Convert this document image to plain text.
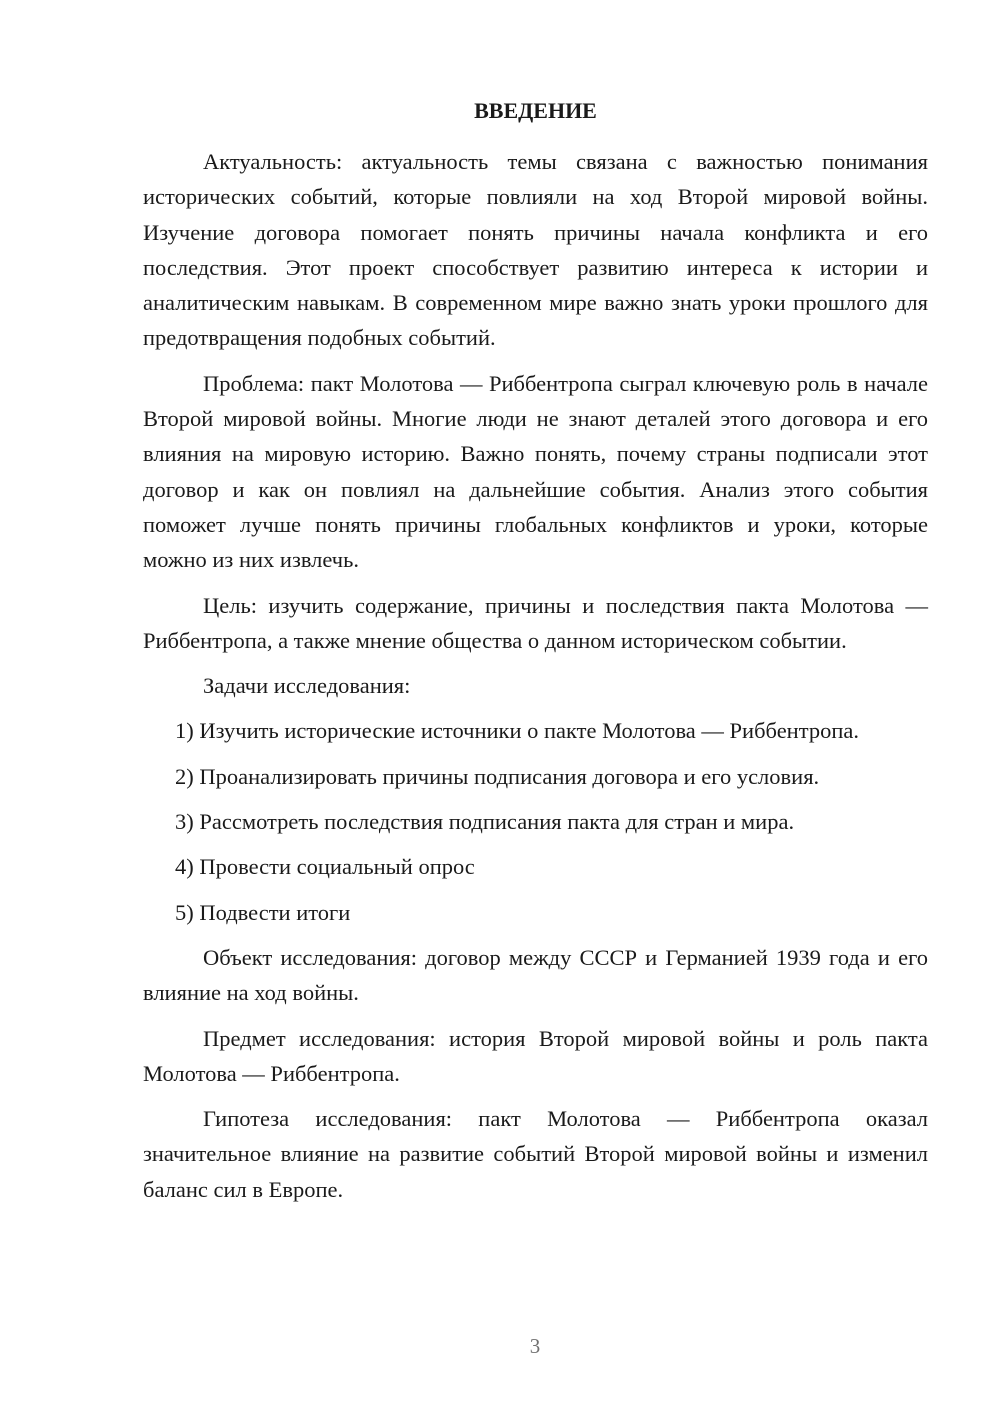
ВВЕДЕНИЕ

Актуальность: актуальность темы связана с важностью понимания исторических событий, которые повлияли на ход Второй мировой войны. Изучение договора помогает понять причины начала конфликта и его последствия. Этот проект способствует развитию интереса к истории и аналитическим навыкам. В современном мире важно знать уроки прошлого для предотвращения подобных событий.

Проблема: пакт Молотова — Риббентропа сыграл ключевую роль в начале Второй мировой войны. Многие люди не знают деталей этого договора и его влияния на мировую историю. Важно понять, почему страны подписали этот договор и как он повлиял на дальнейшие события. Анализ этого события поможет лучше понять причины глобальных конфликтов и уроки, которые можно из них извлечь.

Цель: изучить содержание, причины и последствия пакта Молотова — Риббентропа, а также мнение общества о данном историческом событии.

Задачи исследования:

1) Изучить исторические источники о пакте Молотова — Риббентропа.

2) Проанализировать причины подписания договора и его условия.

3) Рассмотреть последствия подписания пакта для стран и мира.

4) Провести социальный опрос

5) Подвести итоги

Объект исследования: договор между СССР и Германией 1939 года и его влияние на ход войны.

Предмет исследования: история Второй мировой войны и роль пакта Молотова — Риббентропа.

Гипотеза исследования: пакт Молотова — Риббентропа оказал значительное влияние на развитие событий Второй мировой войны и изменил баланс сил в Европе.

3
